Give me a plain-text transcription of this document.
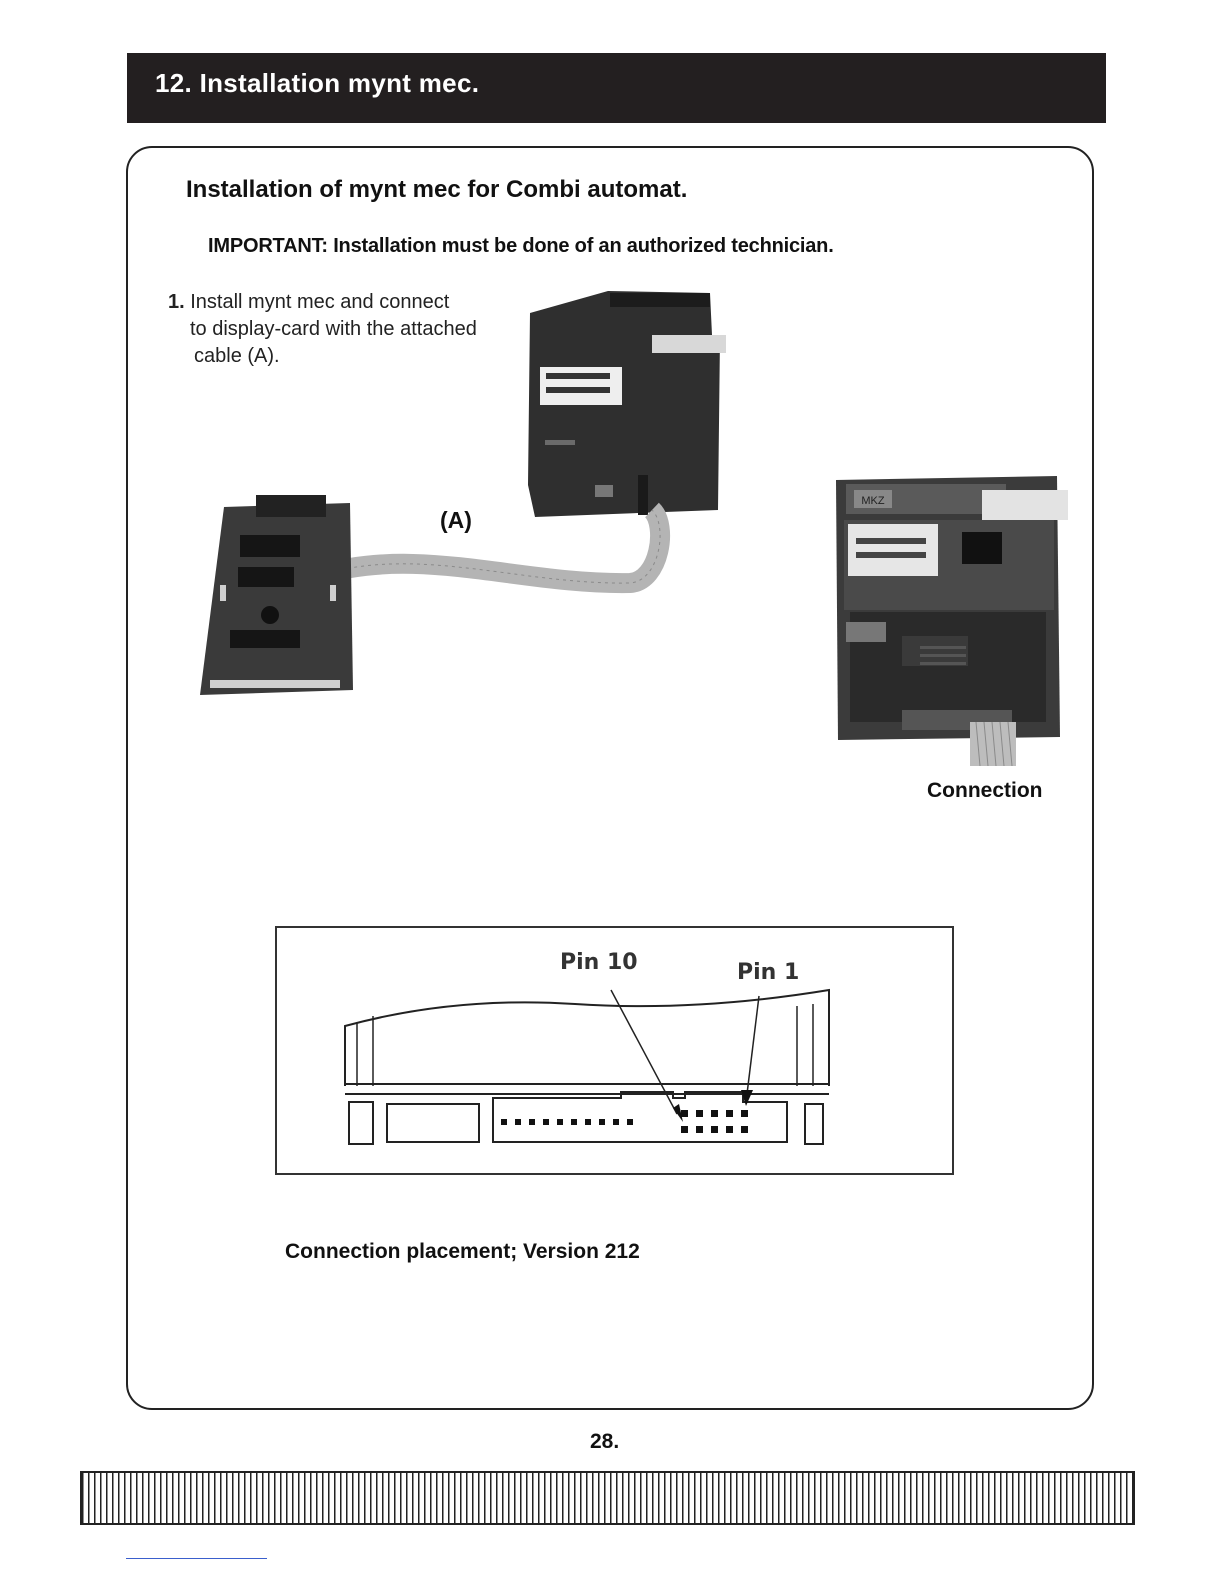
12. Installation mynt mec.
Installation of mynt mec for Combi automat.
IMPORTANT: Installation must be done of an authorized technician.
1. Install mynt mec and connect
to display-card with the attached
cable (A).
(A)
MKZ
Connection
Pin 10	Pin 1
Connection placement; Version 212
28.
